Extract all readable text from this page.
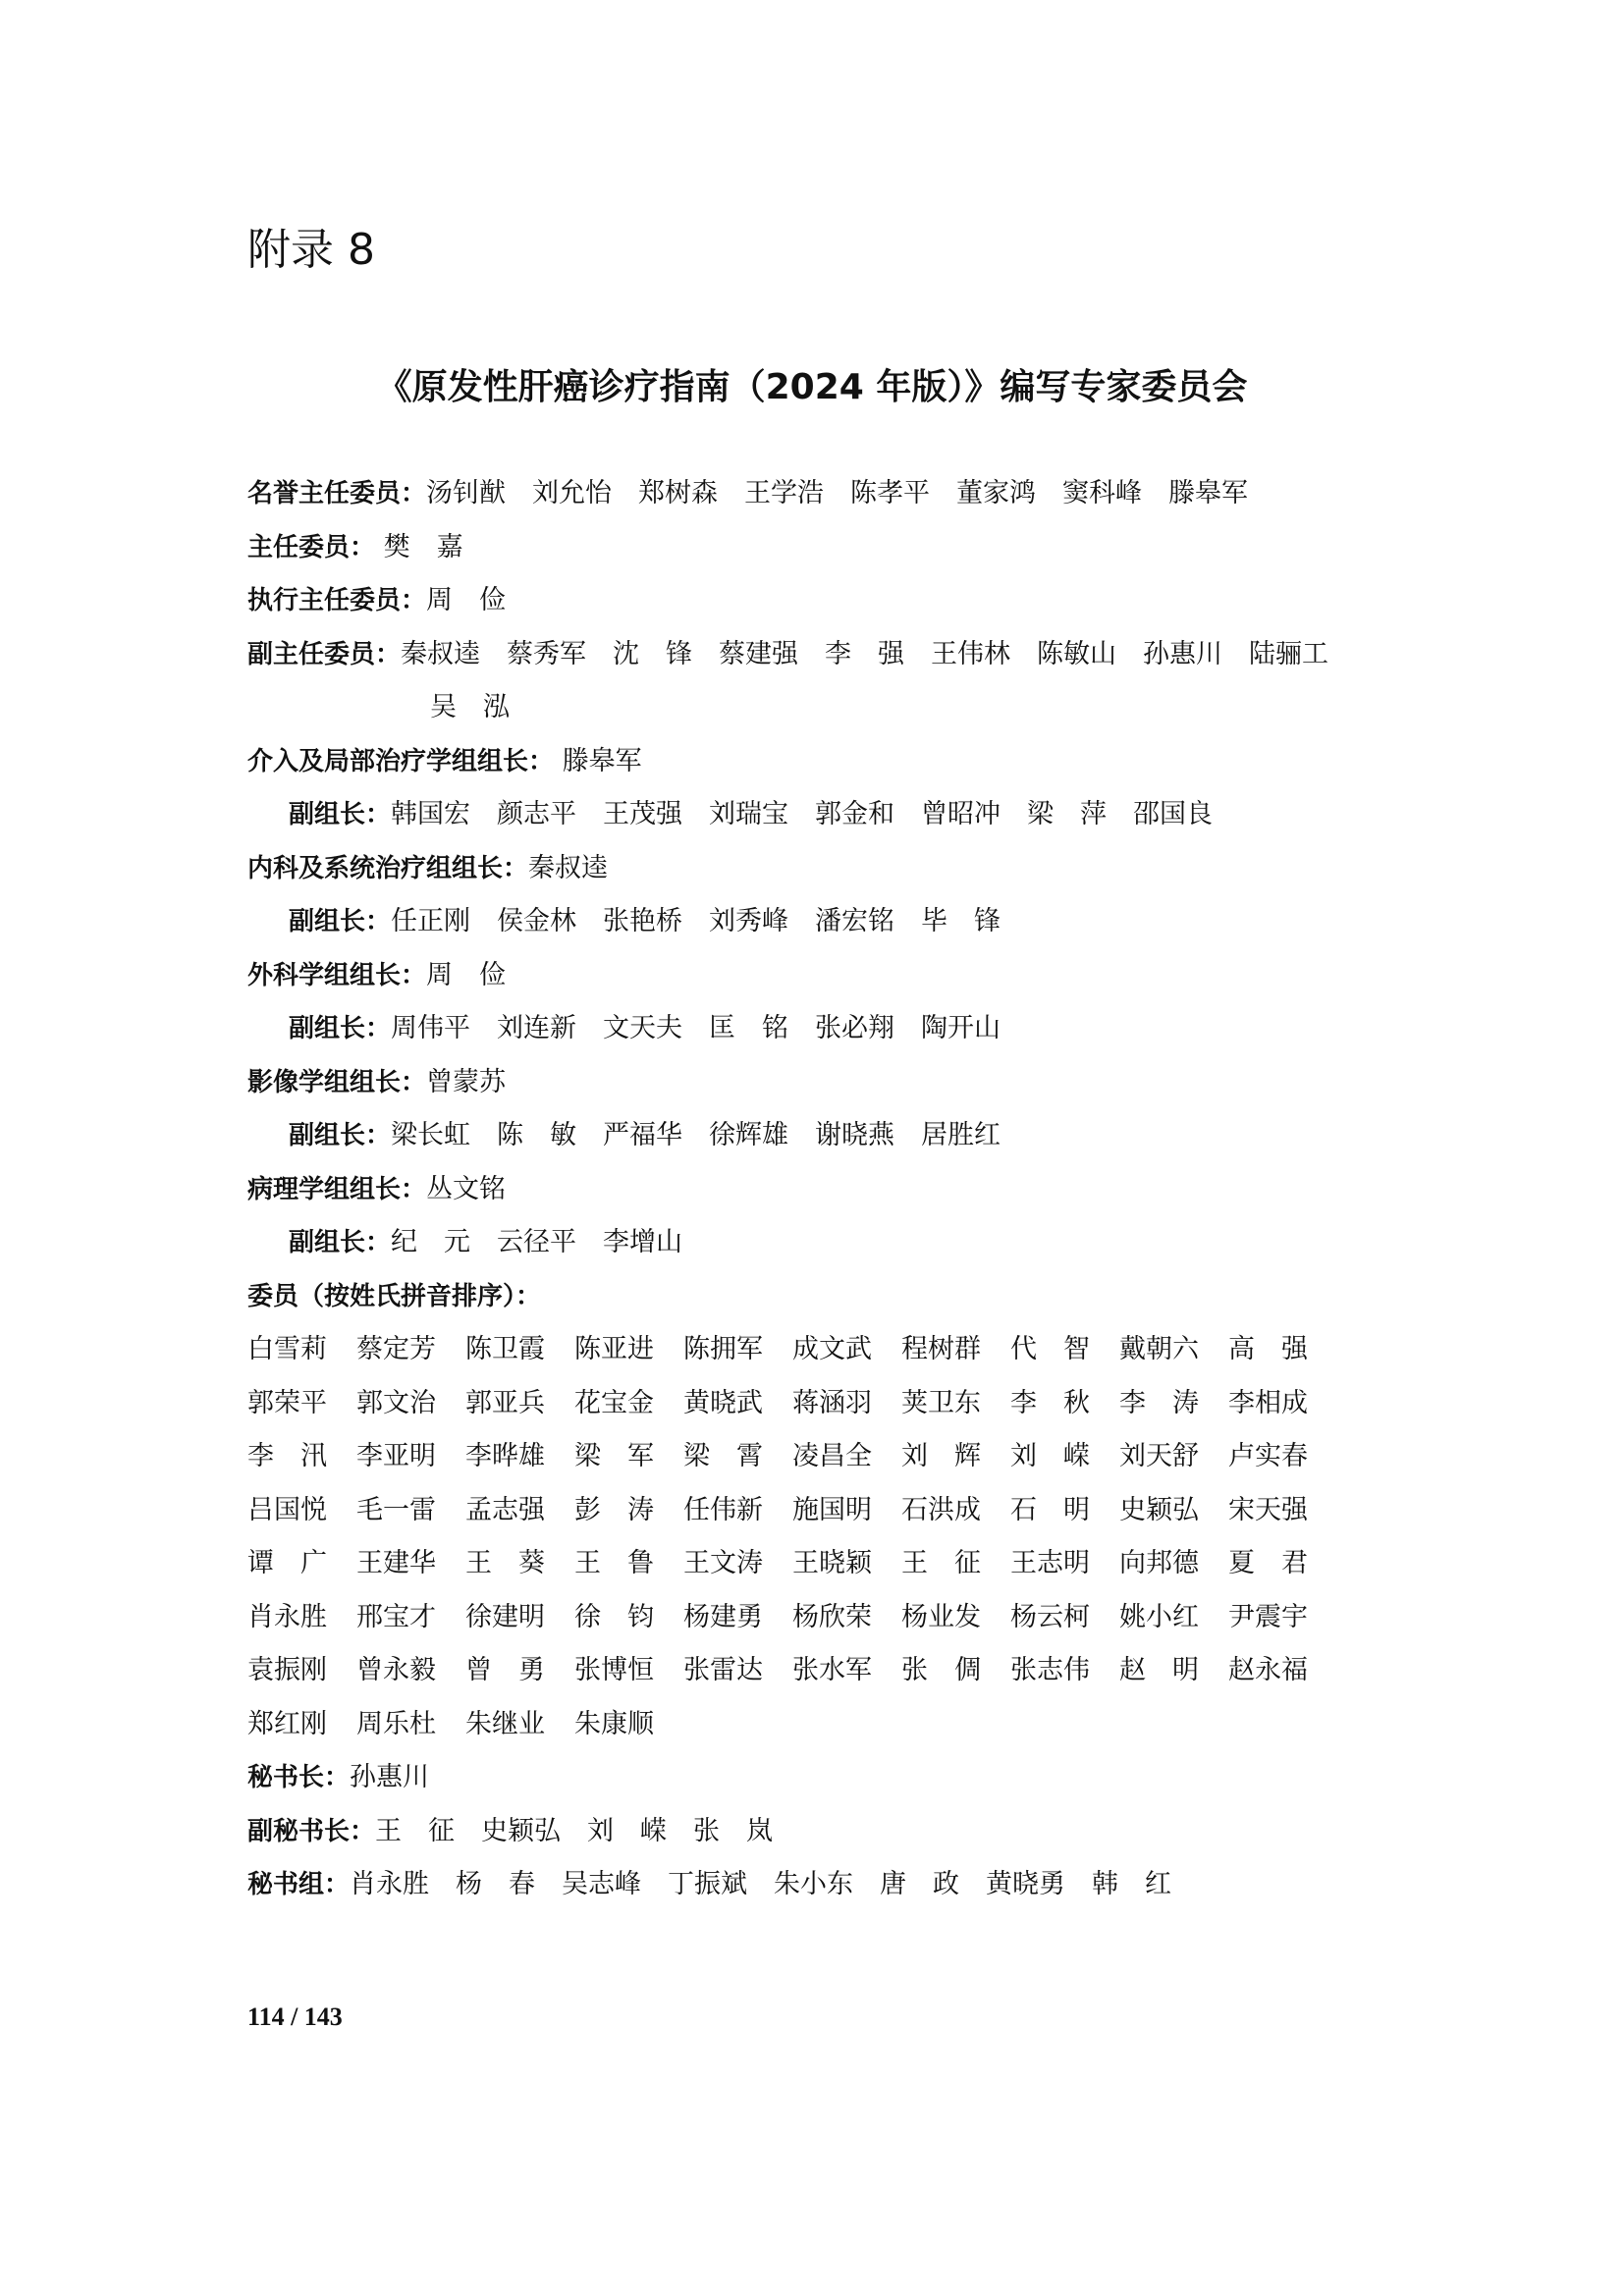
附录 8
《原发性肝癌诊疗指南（2024 年版）》编写专家委员会
名誉主任委员：汤钊猷　刘允怡　郑树森　王学浩　陈孝平　董家鸿　窦科峰　滕皋军
主任委员： 樊　嘉
执行主任委员：周　俭
副主任委员：秦叔逵　蔡秀军　沈　锋　蔡建强　李　强　王伟林　陈敏山　孙惠川　陆骊工
吴　泓
介入及局部治疗学组组长： 滕皋军
副组长：韩国宏　颜志平　王茂强　刘瑞宝　郭金和　曾昭冲　梁　萍　邵国良
内科及系统治疗组组长：秦叔逵
副组长：任正刚　侯金林　张艳桥　刘秀峰　潘宏铭　毕　锋
外科学组组长：周　俭
副组长：周伟平　刘连新　文天夫　匡　铭　张必翔　陶开山
影像学组组长：曾蒙苏
副组长：梁长虹　陈　敏　严福华　徐辉雄　谢晓燕　居胜红
病理学组组长：丛文铭
副组长：纪　元　云径平　李增山
委员（按姓氏拼音排序）：
白雪莉	蔡定芳	陈卫霞	陈亚进	陈拥军	成文武	程树群	代　智	戴朝六	高　强
郭荣平	郭文治	郭亚兵	花宝金	黄晓武	蒋涵羽	荚卫东	李　秋	李　涛	李相成
李　汛	李亚明	李晔雄	梁　军	梁　霄	凌昌全	刘　辉	刘　嵘	刘天舒	卢实春
吕国悦	毛一雷	孟志强	彭　涛	任伟新	施国明	石洪成	石　明	史颖弘	宋天强
谭　广	王建华	王　葵	王　鲁	王文涛	王晓颖	王　征	王志明	向邦德	夏　君
肖永胜	邢宝才	徐建明	徐　钧	杨建勇	杨欣荣	杨业发	杨云柯	姚小红	尹震宇
袁振刚	曾永毅	曾　勇	张博恒	张雷达	张水军	张　倜	张志伟	赵　明	赵永福
郑红刚	周乐杜	朱继业	朱康顺
秘书长：孙惠川
副秘书长：王　征　史颖弘　刘　嵘　张　岚
秘书组：肖永胜　杨　春　吴志峰　丁振斌　朱小东　唐　政　黄晓勇　韩　红
114 / 143
